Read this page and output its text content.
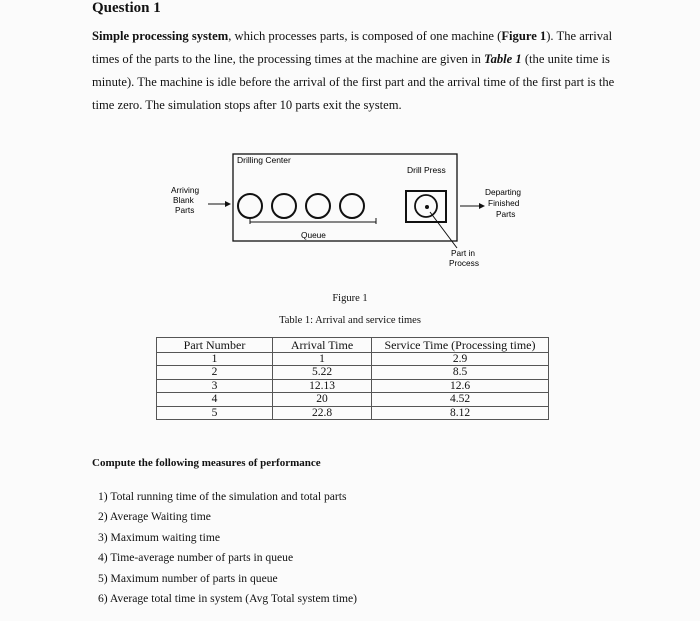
Question 1
Simple processing system, which processes parts, is composed of one machine (Figure 1). The arrival times of the parts to the line, the processing times at the machine are given in Table 1 (the unite time is minute). The machine is idle before the arrival of the first part and the arrival time of the first part is the time zero. The simulation stops after 10 parts exit the system.
Drilling Center
Drill Press
Arriving
Blank
Parts
Queue
Part in
Process
Departing
Finished
Parts
Figure 1
Table 1: Arrival and service times
Part Number	Arrival Time	Service Time (Processing time)
1	1	2.9
2	5.22	8.5
3	12.13	12.6
4	20	4.52
5	22.8	8.12
Compute the following measures of performance
1) Total running time of the simulation and total parts
2) Average Waiting time
3) Maximum waiting time
4) Time-average number of parts in queue
5) Maximum number of parts in queue
6) Average total time in system (Avg Total system time)
